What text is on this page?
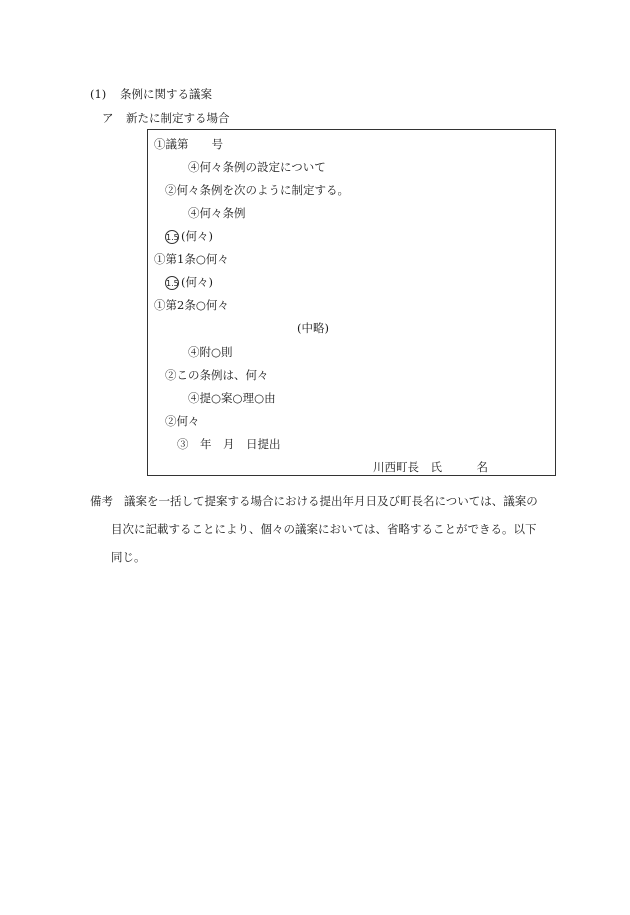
(1) 条例に関する議案
ア 新たに制定する場合
①議第　　号
④何々条例の設定について
②何々条例を次のように制定する。
④何々条例
1.5 (何々)
①第1条○何々
1.5 (何々)
①第2条○何々
(中略)
④附○則
②この条例は、何々
④提○案○理○由
②何々
③　年　月　日提出
川西町長　氏　　　名
備考 議案を一括して提案する場合における提出年月日及び町長名については、議案の
目次に記載することにより、個々の議案においては、省略することができる。以下
同じ。
